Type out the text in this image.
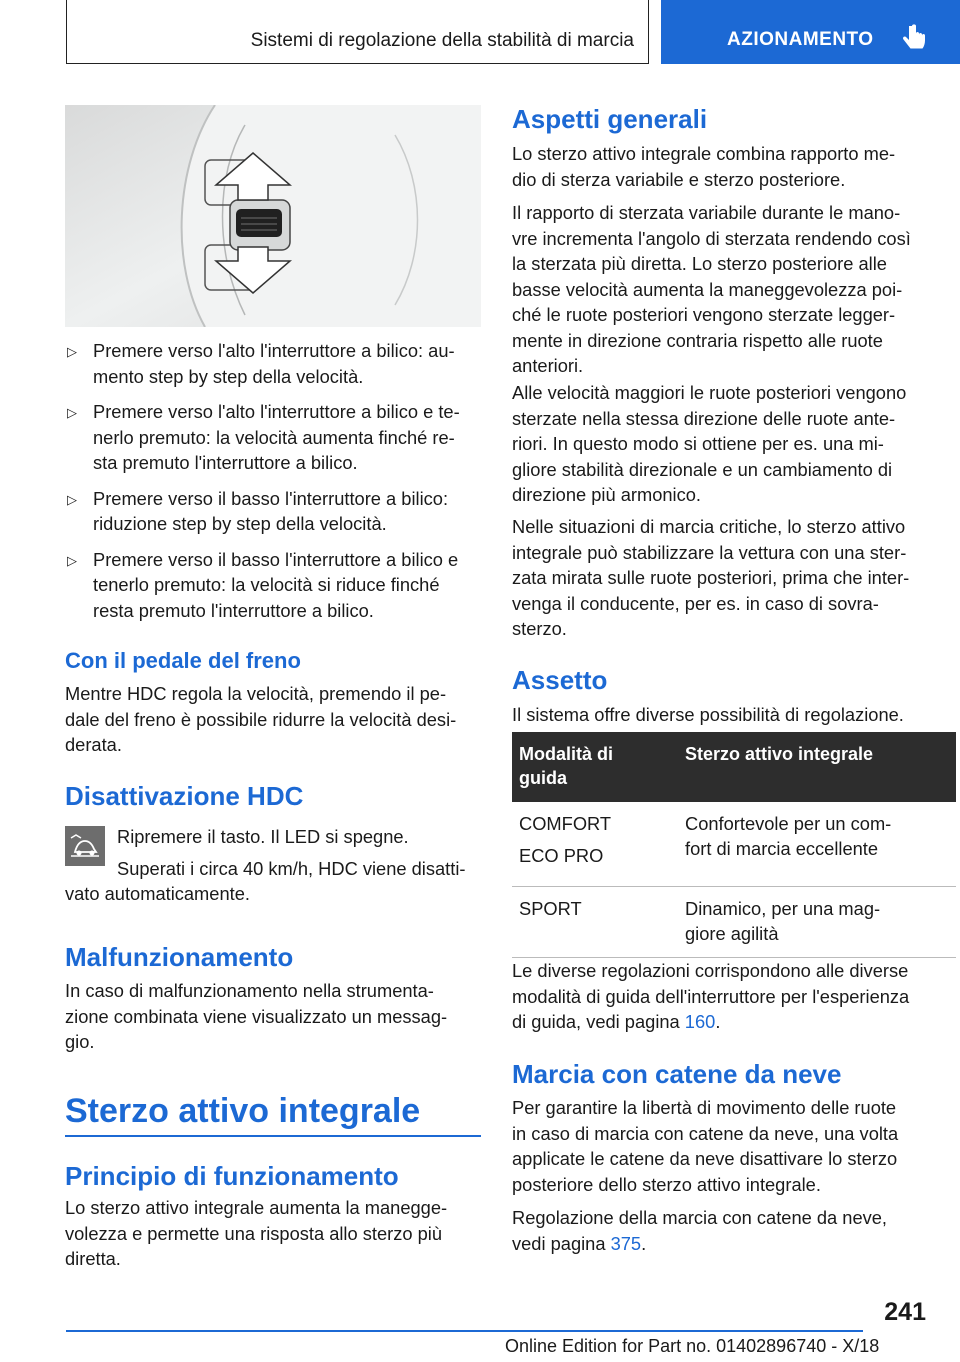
Sistemi di regolazione della stabilità di marcia	AZIONAMENTO
▷ Premere verso l'alto l'interruttore a bilico: au-
mento step by step della velocità.
▷ Premere verso l'alto l'interruttore a bilico e te-
nerlo premuto: la velocità aumenta finché re-
sta premuto l'interruttore a bilico.
▷ Premere verso il basso l'interruttore a bilico:
riduzione step by step della velocità.
▷ Premere verso il basso l'interruttore a bilico e
tenerlo premuto: la velocità si riduce finché
resta premuto l'interruttore a bilico.
Con il pedale del freno

Mentre HDC regola la velocità, premendo il pe-
dale del freno è possibile ridurre la velocità desi-
derata.

Disattivazione HDC

Ripremere il tasto. Il LED si spegne.

Superati i circa 40 km/h, HDC viene disatti-

vato automaticamente.

Malfunzionamento

In caso di malfunzionamento nella strumenta-
zione combinata viene visualizzato un messag-
gio.

Sterzo attivo integrale
Principio di funzionamento

Lo sterzo attivo integrale aumenta la manegge-
volezza e permette una risposta allo sterzo più
diretta.

Aspetti generali

Lo sterzo attivo integrale combina rapporto me-
dio di sterza variabile e sterzo posteriore.

Il rapporto di sterzata variabile durante le mano-
vre incrementa l'angolo di sterzata rendendo così
la sterzata più diretta. Lo sterzo posteriore alle
basse velocità aumenta la maneggevolezza poi-
ché le ruote posteriori vengono sterzate legger-
mente in direzione contraria rispetto alle ruote
anteriori.

Alle velocità maggiori le ruote posteriori vengono
sterzate nella stessa direzione delle ruote ante-
riori. In questo modo si ottiene per es. una mi-
gliore stabilità direzionale e un cambiamento di
direzione più armonico.

Nelle situazioni di marcia critiche, lo sterzo attivo
integrale può stabilizzare la vettura con una ster-
zata mirata sulle ruote posteriori, prima che inter-
venga il conducente, per es. in caso di sovra-
sterzo.

Assetto

Il sistema offre diverse possibilità di regolazione.

Modalità di
guida	Sterzo attivo integrale

COMFORT
ECO PRO	Confortevole per un com-
fort di marcia eccellente

SPORT	Dinamico, per una mag-
giore agilità

Le diverse regolazioni corrispondono alle diverse
modalità di guida dell'interruttore per l'esperienza
di guida, vedi pagina 160.

Marcia con catene da neve

Per garantire la libertà di movimento delle ruote
in caso di marcia con catene da neve, una volta
applicate le catene da neve disattivare lo sterzo
posteriore dello sterzo attivo integrale.

Regolazione della marcia con catene da neve,
vedi pagina 375.

241
Online Edition for Part no. 01402896740 - X/18
